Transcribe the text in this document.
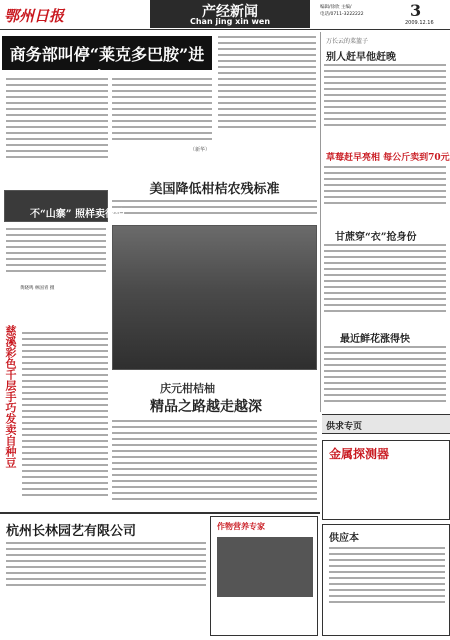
鄂州日报	产经新闻
Chan jing xin wen
编辑/徐欣 主编/
电话/0711-3222222	3
2009.12.16
商务部叫停“莱克多巴胺”进
（新华）
美国降低柑桔农残标准
不“山寨” 照样卖得俏
黄晓鸣 林国青 摄
慈溪彩色千层手巧发卖自种豆	庆元柑桔柚
精品之路越走越深
万长云的菜篮子
别人赶早他赶晚
草莓赶早亮相 每公斤卖到70元
甘蔗穿“衣”抢身份
最近鲜花涨得快
供求专页
杭州长林园艺有限公司	作物营养专家
金属探测器
供应本
